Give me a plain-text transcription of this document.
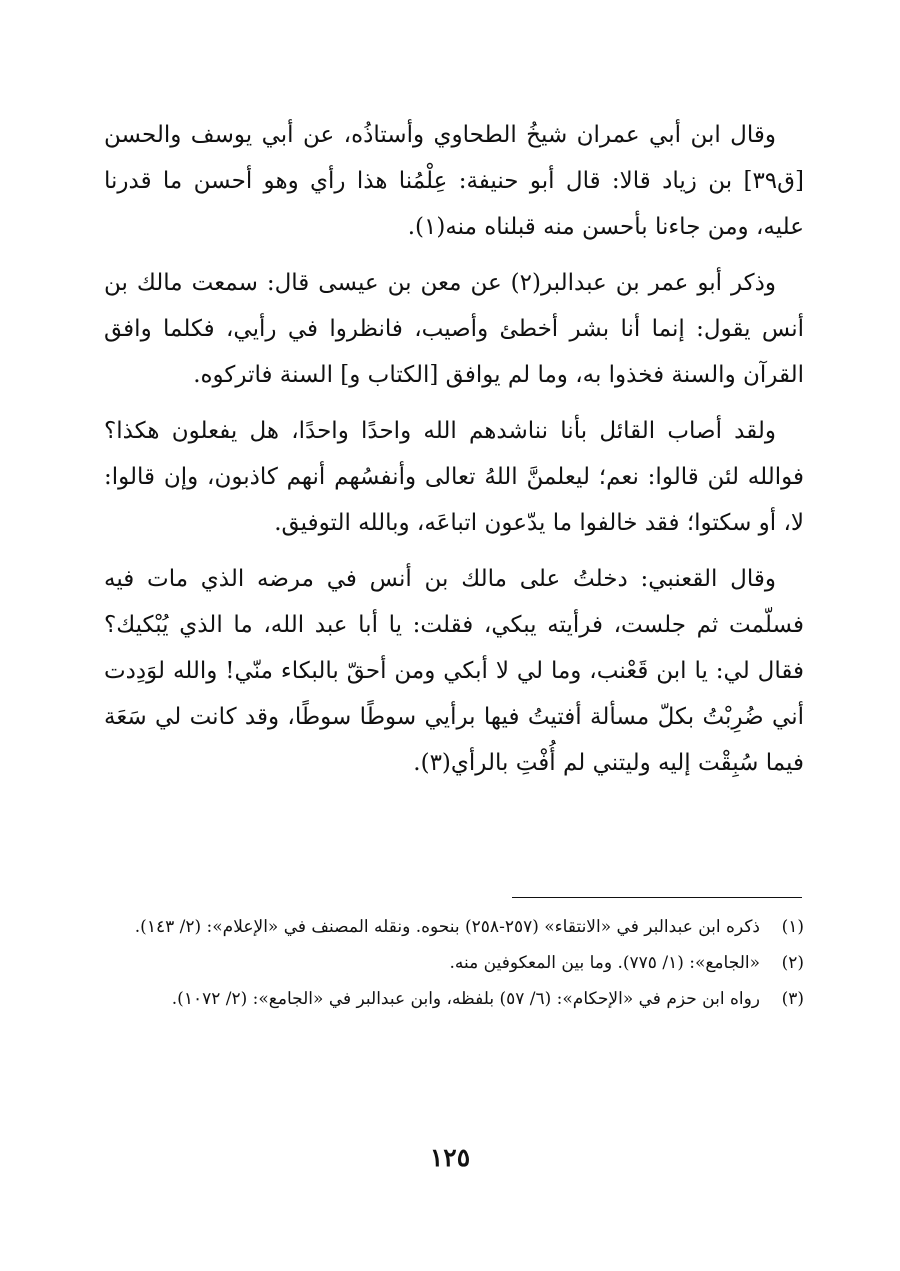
وقال ابن أبي عمران شيخُ الطحاوي وأستاذُه، عن أبي يوسف والحسن [ق٣٩] بن زياد قالا: قال أبو حنيفة: عِلْمُنا هذا رأي وهو أحسن ما قدرنا عليه، ومن جاءنا بأحسن منه قبلناه منه(١).

وذكر أبو عمر بن عبدالبر(٢) عن معن بن عيسى قال: سمعت مالك بن أنس يقول: إنما أنا بشر أخطئ وأصيب، فانظروا في رأيي، فكلما وافق القرآن والسنة فخذوا به، وما لم يوافق [الكتاب و] السنة فاتركوه.

ولقد أصاب القائل بأنا نناشدهم الله واحدًا واحدًا، هل يفعلون هكذا؟ فوالله لئن قالوا: نعم؛ ليعلمنَّ اللهُ تعالى وأنفسُهم أنهم كاذبون، وإن قالوا: لا، أو سكتوا؛ فقد خالفوا ما يدّعون اتباعَه، وبالله التوفيق.

وقال القعنبي: دخلتُ على مالك بن أنس في مرضه الذي مات فيه فسلّمت ثم جلست، فرأيته يبكي، فقلت: يا أبا عبد الله، ما الذي يُبْكيك؟ فقال لي: يا ابن قَعْنب، وما لي لا أبكي ومن أحقّ بالبكاء منّي! والله لوَدِدت أني ضُرِبْتُ بكلّ مسألة أفتيتُ فيها برأيي سوطًا سوطًا، وقد كانت لي سَعَة فيما سُبِقْت إليه وليتني لم أُفْتِ بالرأي(٣).

(١)
ذكره ابن عبدالبر في «الانتقاء» (٢٥٧-٢٥٨) بنحوه. ونقله المصنف في «الإعلام»: (٢/ ١٤٣).
(٢)
«الجامع»: (١/ ٧٧٥). وما بين المعكوفين منه.
(٣)
رواه ابن حزم في «الإحكام»: (٦/ ٥٧) بلفظه، وابن عبدالبر في «الجامع»: (٢/ ١٠٧٢).
١٢٥
